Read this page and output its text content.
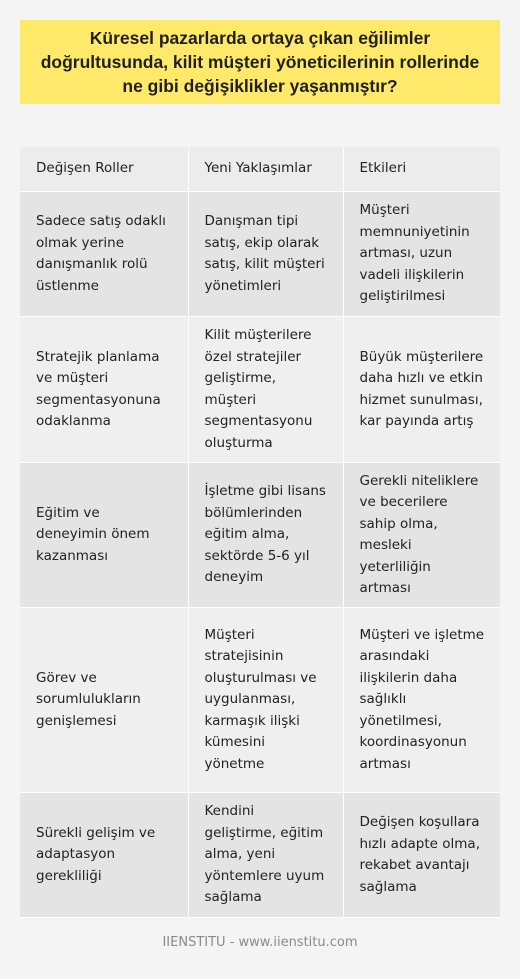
Küresel pazarlarda ortaya çıkan eğilimler doğrultusunda, kilit müşteri yöneticilerinin rollerinde ne gibi değişiklikler yaşanmıştır?
Değişen Roller	Yeni Yaklaşımlar	Etkileri
Sadece satış odaklı olmak yerine danışmanlık rolü üstlenme	Danışman tipi satış, ekip olarak satış, kilit müşteri yönetimleri	Müşteri memnuniyetinin artması, uzun vadeli ilişkilerin geliştirilmesi
Stratejik planlama ve müşteri segmentasyonuna odaklanma	Kilit müşterilere özel stratejiler geliştirme, müşteri segmentasyonu oluşturma	Büyük müşterilere daha hızlı ve etkin hizmet sunulması, kar payında artış
Eğitim ve deneyimin önem kazanması	İşletme gibi lisans bölümlerinden eğitim alma, sektörde 5-6 yıl deneyim	Gerekli niteliklere ve becerilere sahip olma, mesleki yeterliliğin artması
Görev ve sorumlulukların genişlemesi	Müşteri stratejisinin oluşturulması ve uygulanması, karmaşık ilişki kümesini yönetme	Müşteri ve işletme arasındaki ilişkilerin daha sağlıklı yönetilmesi, koordinasyonun artması
Sürekli gelişim ve adaptasyon gerekliliği	Kendini geliştirme, eğitim alma, yeni yöntemlere uyum sağlama	Değişen koşullara hızlı adapte olma, rekabet avantajı sağlama
IIENSTITU - www.iienstitu.com
